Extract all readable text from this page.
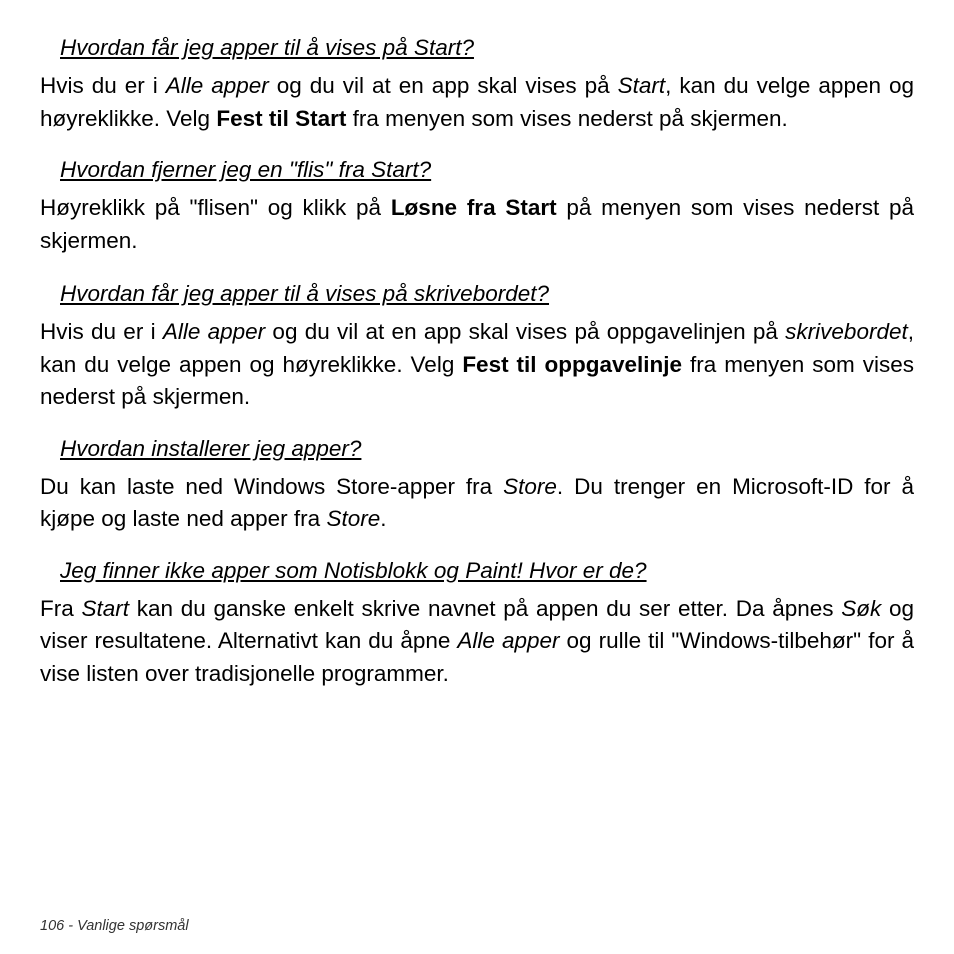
Hvordan får jeg apper til å vises på Start?

Hvis du er i Alle apper og du vil at en app skal vises på Start, kan du velge appen og høyreklikke. Velg Fest til Start fra menyen som vises nederst på skjermen.

Hvordan fjerner jeg en "flis" fra Start?

Høyreklikk på "flisen" og klikk på Løsne fra Start på menyen som vises nederst på skjermen.

Hvordan får jeg apper til å vises på skrivebordet?

Hvis du er i Alle apper og du vil at en app skal vises på oppgavelinjen på skrivebordet, kan du velge appen og høyreklikke. Velg Fest til oppgavelinje fra menyen som vises nederst på skjermen.

Hvordan installerer jeg apper?

Du kan laste ned Windows Store-apper fra Store. Du trenger en Microsoft-ID for å kjøpe og laste ned apper fra Store.

Jeg finner ikke apper som Notisblokk og Paint! Hvor er de?

Fra Start kan du ganske enkelt skrive navnet på appen du ser etter. Da åpnes Søk og viser resultatene. Alternativt kan du åpne Alle apper og rulle til "Windows-tilbehør" for å vise listen over tradisjonelle programmer.

106 - Vanlige spørsmål
